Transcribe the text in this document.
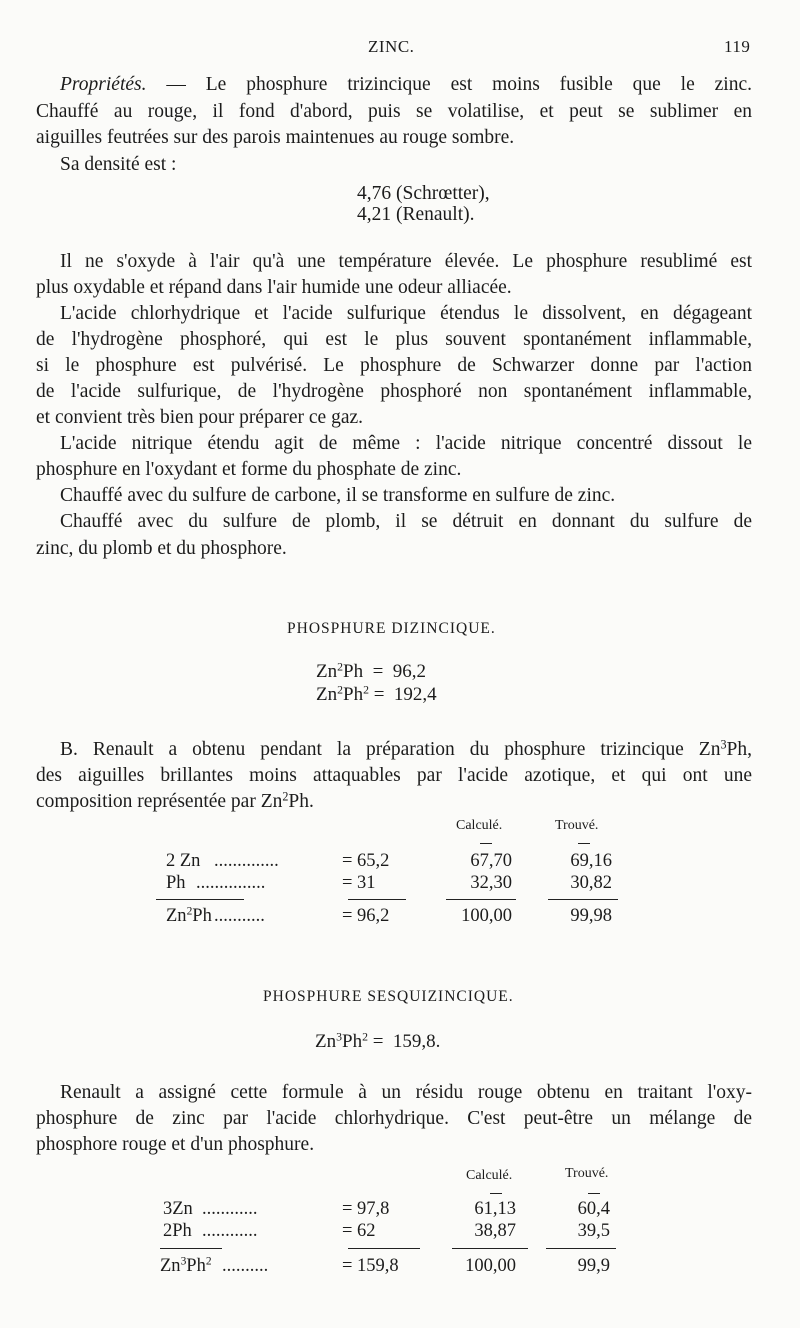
ZINC.	119
Propriétés. — Le phosphure trizincique est moins fusible que le zinc.
Chauffé au rouge, il fond d'abord, puis se volatilise, et peut se sublimer en
aiguilles feutrées sur des parois maintenues au rouge sombre.
Sa densité est :
4,76 (Schrœtter),
4,21 (Renault).
Il ne s'oxyde à l'air qu'à une température élevée. Le phosphure resublimé est
plus oxydable et répand dans l'air humide une odeur alliacée.
L'acide chlorhydrique et l'acide sulfurique étendus le dissolvent, en dégageant
de l'hydrogène phosphoré, qui est le plus souvent spontanément inflammable,
si le phosphure est pulvérisé. Le phosphure de Schwarzer donne par l'action
de l'acide sulfurique, de l'hydrogène phosphoré non spontanément inflammable,
et convient très bien pour préparer ce gaz.
L'acide nitrique étendu agit de même : l'acide nitrique concentré dissout le
phosphure en l'oxydant et forme du phosphate de zinc.
Chauffé avec du sulfure de carbone, il se transforme en sulfure de zinc.
Chauffé avec du sulfure de plomb, il se détruit en donnant du sulfure de
zinc, du plomb et du phosphore.
PHOSPHURE DIZINCIQUE.
Zn$^2$Ph  =  96,2
$Zn^2Ph^2 = 192,4$
B. Renault a obtenu pendant la préparation du phosphure trizincique Zn$^3$Ph,
des aiguilles brillantes moins attaquables par l'acide azotique, et qui ont une
composition représentée par Zn$^2$Ph.
Calculé.	Trouvé.
2 Zn ..............	= 65,2	67,70	69,16
Ph ...............	= 31	32,30	30,82
Zn$^2$Ph ...........	= 96,2	100,00	99,98
PHOSPHURE SESQUIZINCIQUE.
$Zn^3Ph^2 = 159,8$.
Renault a assigné cette formule à un résidu rouge obtenu en traitant l'oxy-
phosphure de zinc par l'acide chlorhydrique. C'est peut-être un mélange de
phosphore rouge et d'un phosphure.
Calculé.	Trouvé.
3Zn ............	= 97,8	61,13	60,4
2Ph ............	= 62	38,87	39,5
Zn$^3$Ph$^2$ ..........	= 159,8	100,00	99,9
